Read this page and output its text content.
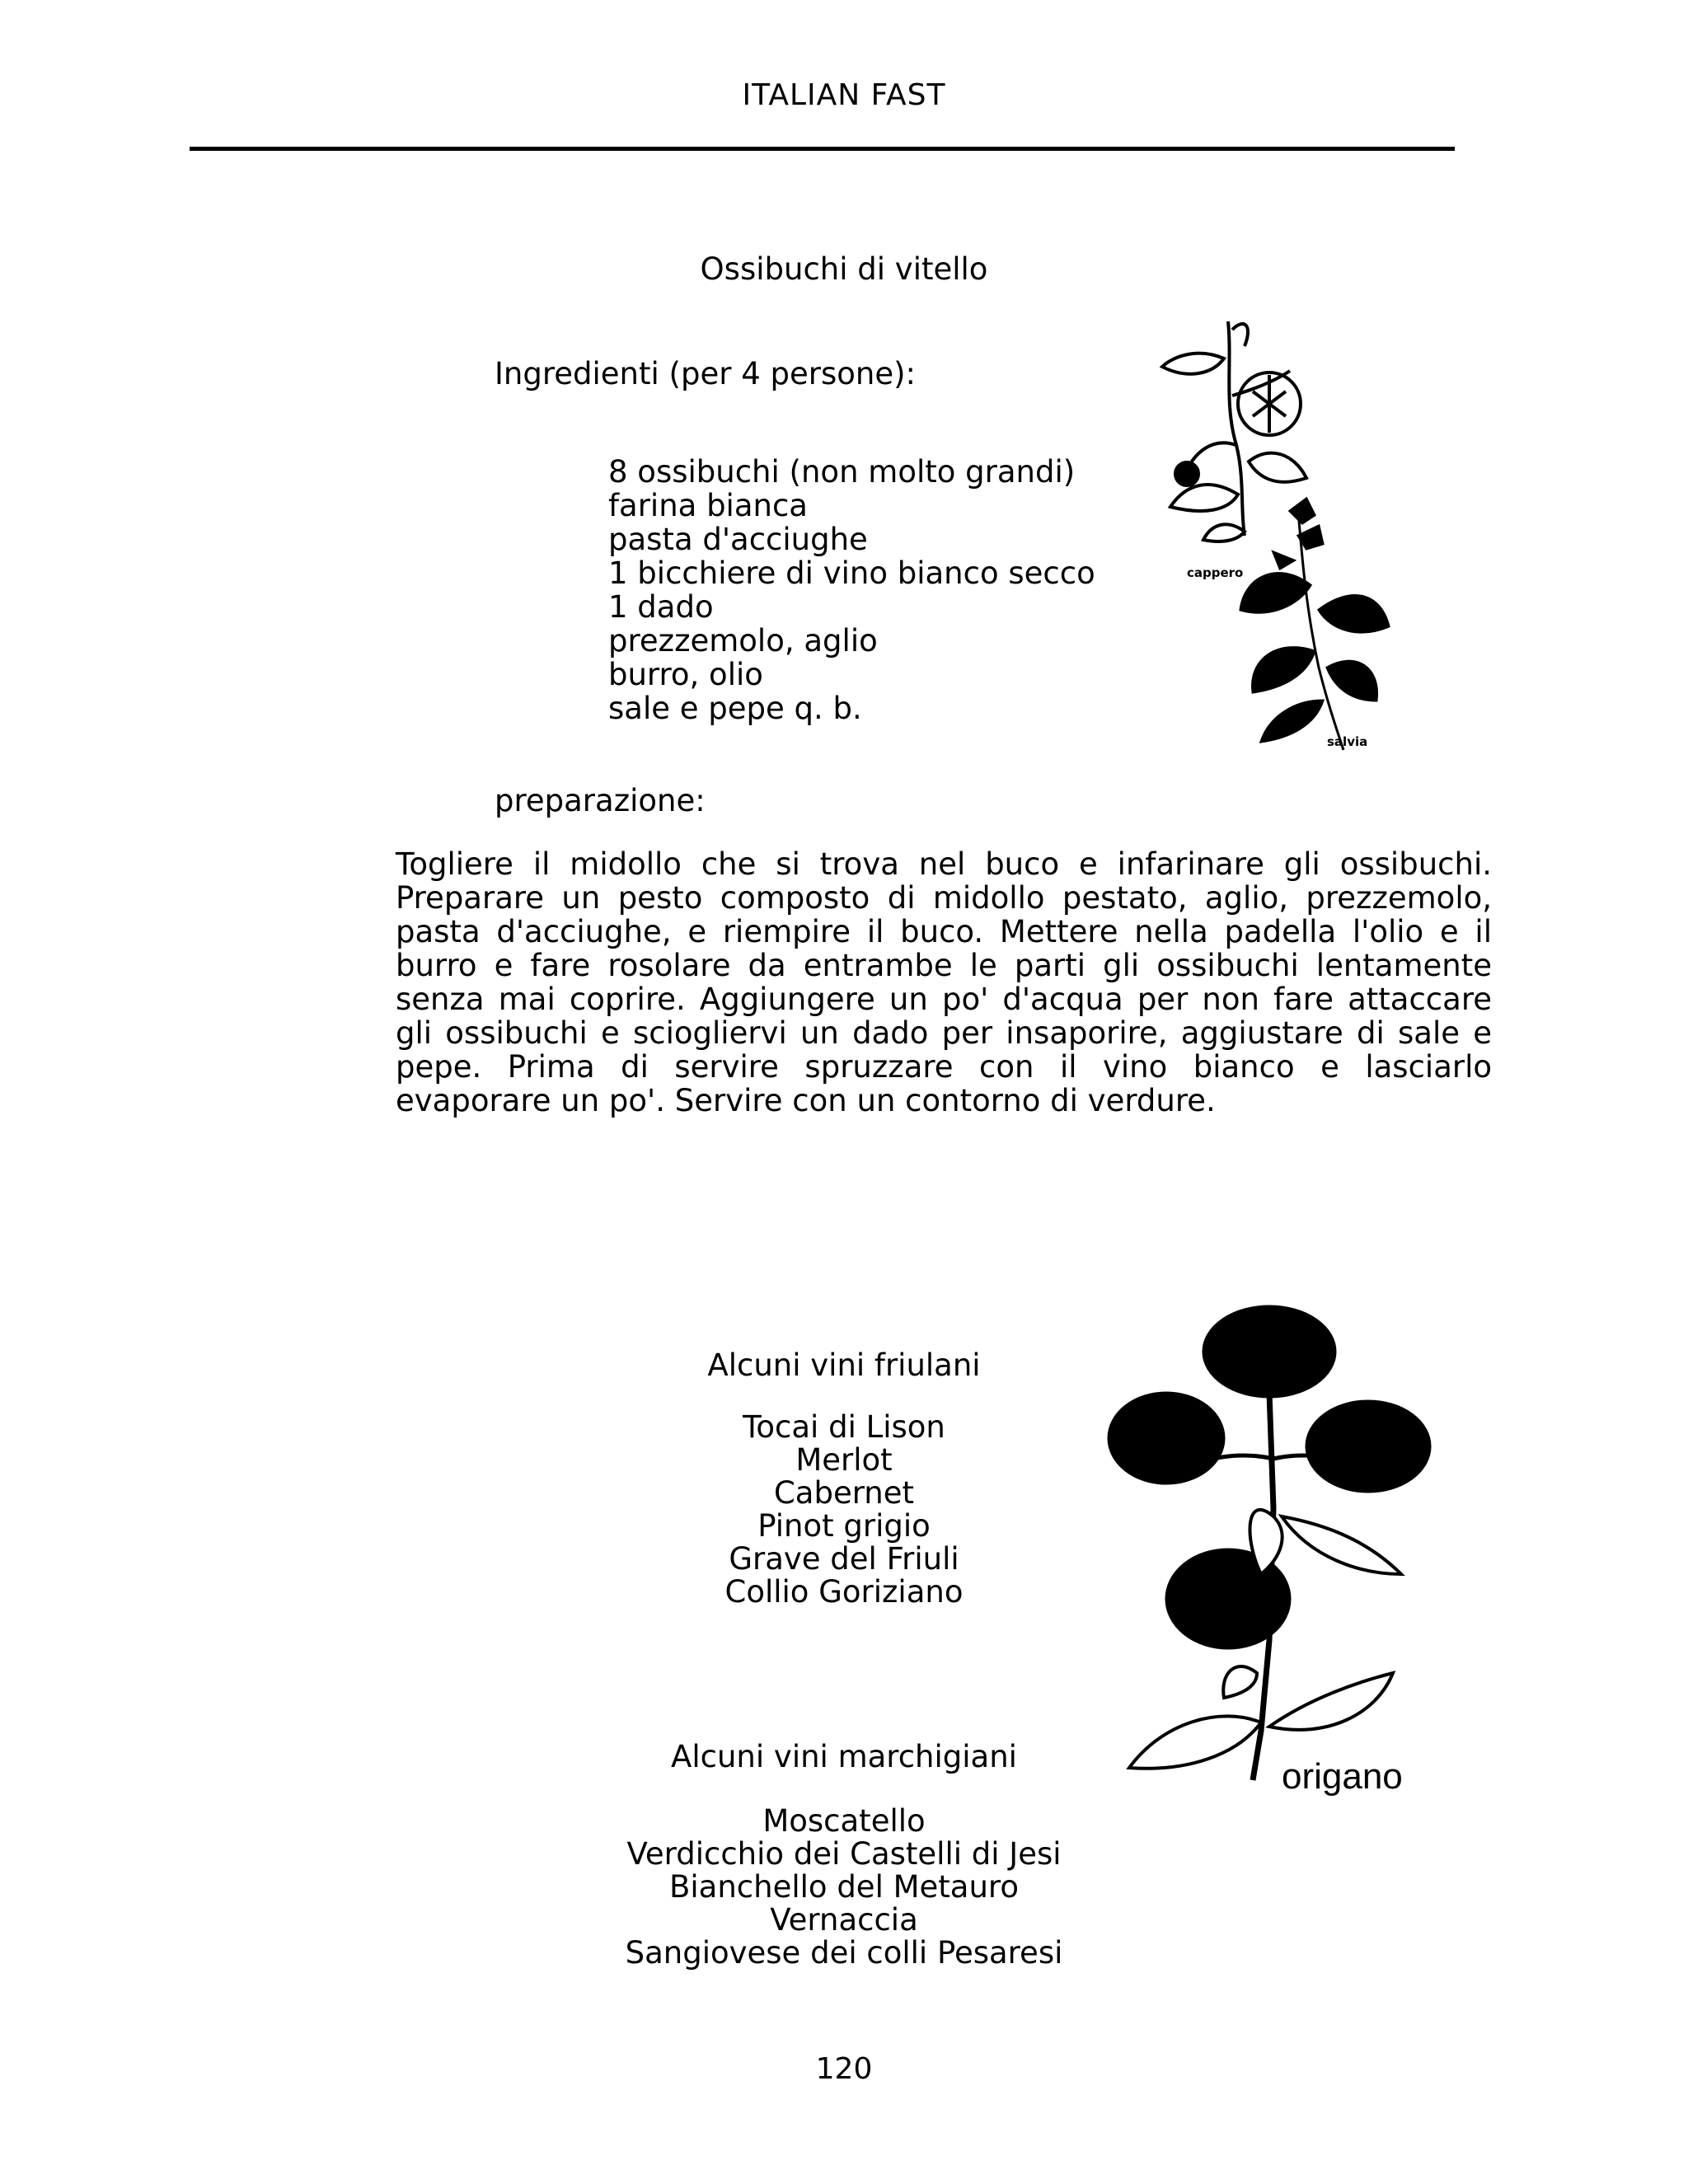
ITALIAN FAST
Ossibuchi di vitello
Ingredienti (per 4 persone):
8 ossibuchi (non molto grandi)
farina bianca
pasta d'acciughe
1 bicchiere di vino bianco secco
1 dado
prezzemolo, aglio
burro, olio
sale e pepe q. b.
cappero
salvia
preparazione:

Togliere il midollo che si trova nel buco e infarinare gli ossibuchi. Preparare un pesto composto di midollo pestato, aglio, prezzemolo, pasta d'acciughe, e riempire il buco. Mettere nella padella l'olio e il burro e fare rosolare da entrambe le parti gli ossibuchi lentamente senza mai coprire. Aggiungere un po' d'acqua per non fare attaccare gli ossibuchi e sciogliervi un dado per insaporire, aggiustare di sale e pepe. Prima di servire spruzzare con il vino bianco e lasciarlo evaporare un po'. Servire con un contorno di verdure.

Alcuni vini friulani
Tocai di Lison
Merlot
Cabernet
Pinot grigio
Grave del Friuli
Collio Goriziano
Alcuni vini marchigiani
Moscatello
Verdicchio dei Castelli di Jesi
Bianchello del Metauro
Vernaccia
Sangiovese dei colli Pesaresi
origano
120
